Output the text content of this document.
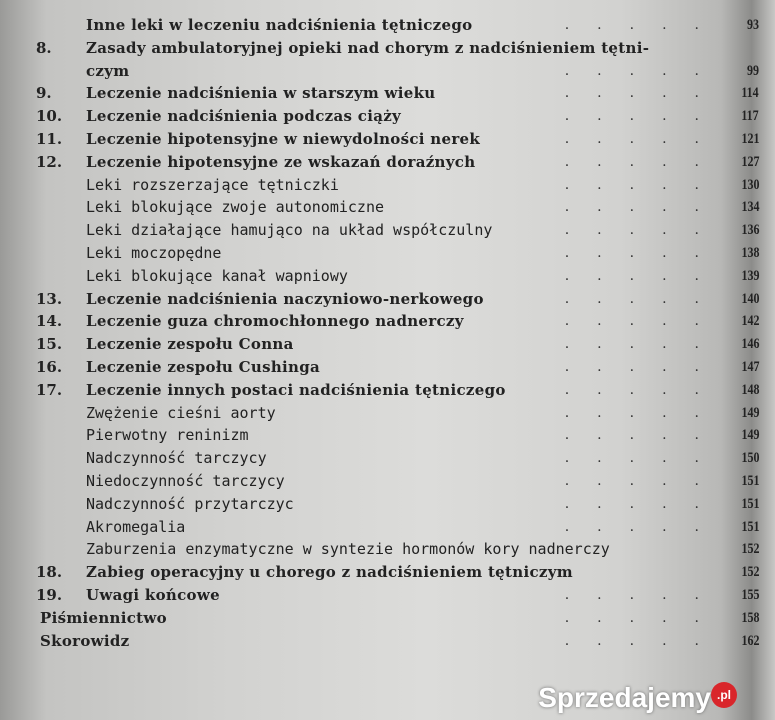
Inne leki w leczeniu nadciśnienia tętniczego	..... 93
8.	Zasady ambulatoryjnej opieki nad chorym z nadciśnieniem tętni-
czym	..... 99
9.	Leczenie nadciśnienia w starszym wieku	..... 114
10.	Leczenie nadciśnienia podczas ciąży	..... 117
11.	Leczenie hipotensyjne w niewydolności nerek	..... 121
12.	Leczenie hipotensyjne ze wskazań doraźnych	..... 127
Leki rozszerzające tętniczki	..... 130
Leki blokujące zwoje autonomiczne	..... 134
Leki działające hamująco na układ współczulny	..... 136
Leki moczopędne	..... 138
Leki blokujące kanał wapniowy	..... 139
13.	Leczenie nadciśnienia naczyniowo-nerkowego	..... 140
14.	Leczenie guza chromochłonnego nadnerczy	..... 142
15.	Leczenie zespołu Conna	..... 146
16.	Leczenie zespołu Cushinga	..... 147
17.	Leczenie innych postaci nadciśnienia tętniczego	..... 148
Zwężenie cieśni aorty	..... 149
Pierwotny reninizm	..... 149
Nadczynność tarczycy	..... 150
Niedoczynność tarczycy	..... 151
Nadczynność przytarczyc	..... 151
Akromegalia	..... 151
Zaburzenia enzymatyczne w syntezie hormonów kory nadnerczy	152
18.	Zabieg operacyjny u chorego z nadciśnieniem tętniczym	152
19.	Uwagi końcowe	..... 155
Piśmiennictwo	..... 158
Skorowidz	..... 162
Sprzedajemy .pl
